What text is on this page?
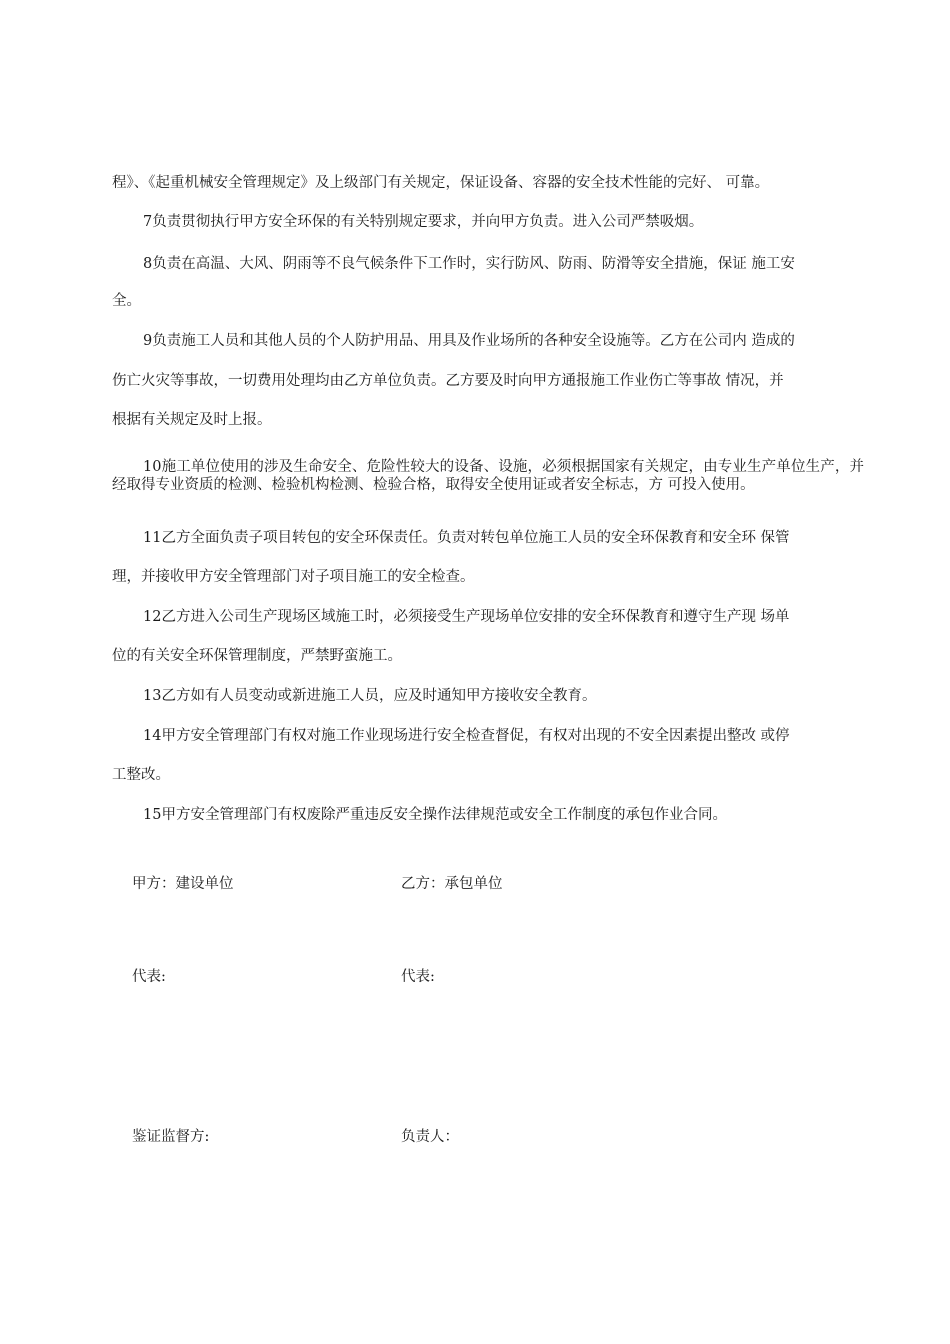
程》、《起重机械安全管理规定》及上级部门有关规定，保证设备、容器的安全技术性能的完好、 可靠。
7负责贯彻执行甲方安全环保的有关特别规定要求，并向甲方负责。进入公司严禁吸烟。
8负责在高温、大风、阴雨等不良气候条件下工作时，实行防风、防雨、防滑等安全措施，保证 施工安
全。
9负责施工人员和其他人员的个人防护用品、用具及作业场所的各种安全设施等。乙方在公司内 造成的
伤亡火灾等事故，一切费用处理均由乙方单位负责。乙方要及时向甲方通报施工作业伤亡等事故 情况，并
根据有关规定及时上报。
10施工单位使用的涉及生命安全、危险性较大的设备、设施，必须根据国家有关规定，由专业生产单位生产，并经取得专业资质的检测、检验机构检测、检验合格，取得安全使用证或者安全标志，方 可投入使用。
11乙方全面负责子项目转包的安全环保责任。负责对转包单位施工人员的安全环保教育和安全环 保管
理，并接收甲方安全管理部门对子项目施工的安全检查。
12乙方进入公司生产现场区域施工时，必须接受生产现场单位安排的安全环保教育和遵守生产现 场单
位的有关安全环保管理制度，严禁野蛮施工。
13乙方如有人员变动或新进施工人员，应及时通知甲方接收安全教育。
14甲方安全管理部门有权对施工作业现场进行安全检查督促，有权对出现的不安全因素提出整改 或停
工整改。
15甲方安全管理部门有权废除严重违反安全操作法律规范或安全工作制度的承包作业合同。
甲方：建设单位	乙方：承包单位
代表:	代表:
鉴证监督方:	负责人：
